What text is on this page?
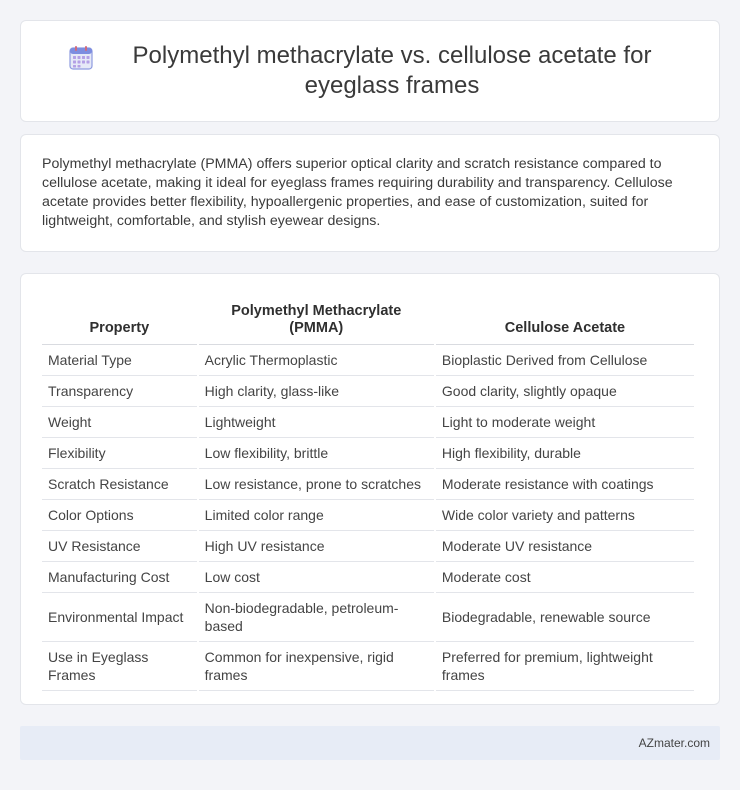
Polymethyl methacrylate vs. cellulose acetate for eyeglass frames

Polymethyl methacrylate (PMMA) offers superior optical clarity and scratch resistance compared to cellulose acetate, making it ideal for eyeglass frames requiring durability and transparency. Cellulose acetate provides better flexibility, hypoallergenic properties, and ease of customization, suited for lightweight, comfortable, and stylish eyewear designs.

Property	Polymethyl Methacrylate (PMMA)	Cellulose Acetate
Material Type	Acrylic Thermoplastic	Bioplastic Derived from Cellulose
Transparency	High clarity, glass-like	Good clarity, slightly opaque
Weight	Lightweight	Light to moderate weight
Flexibility	Low flexibility, brittle	High flexibility, durable
Scratch Resistance	Low resistance, prone to scratches	Moderate resistance with coatings
Color Options	Limited color range	Wide color variety and patterns
UV Resistance	High UV resistance	Moderate UV resistance
Manufacturing Cost	Low cost	Moderate cost
Environmental Impact	Non-biodegradable, petroleum-based	Biodegradable, renewable source
Use in Eyeglass Frames	Common for inexpensive, rigid frames	Preferred for premium, lightweight frames
AZmater.com
